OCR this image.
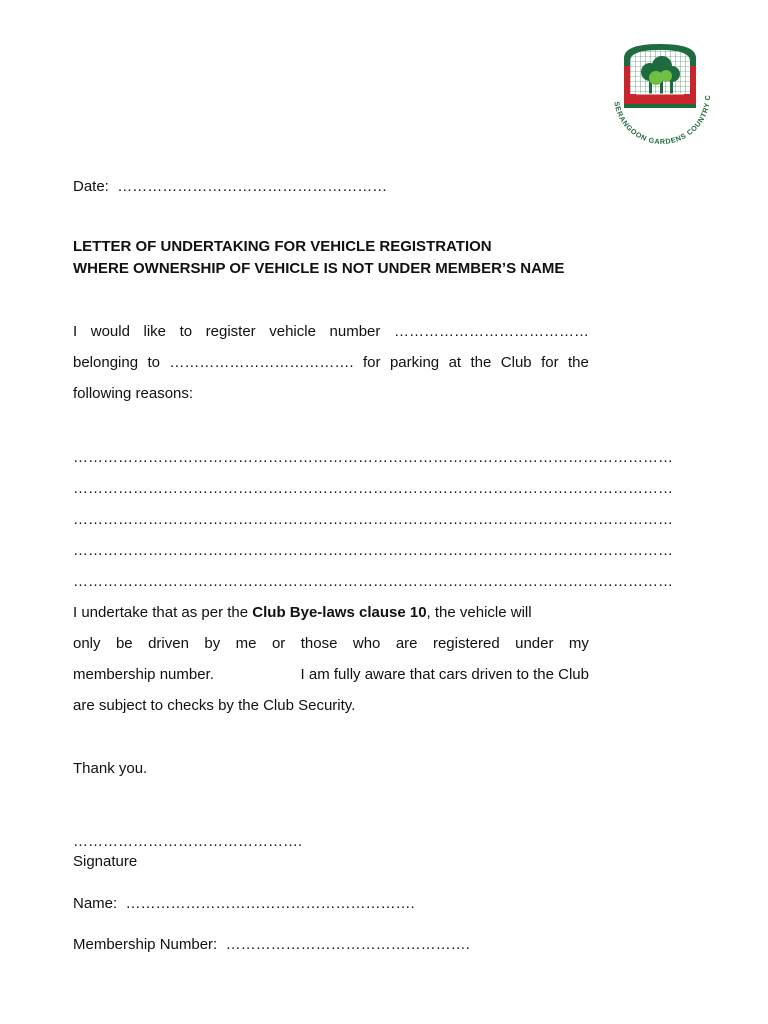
SERANGOON GARDENS COUNTRY C
Date: ………………………………………………
LETTER OF UNDERTAKING FOR VEHICLE REGISTRATION
WHERE OWNERSHIP OF VEHICLE IS NOT UNDER MEMBER’S NAME
I would like to register vehicle number …………………………………
belonging to ………………………………. for parking at the Club for the
following reasons:
…………………………………………………………………………………………………………
…………………………………………………………………………………………………………
…………………………………………………………………………………………………………
…………………………………………………………………………………………………………
…………………………………………………………………………………………………………
I undertake that as per the Club Bye-laws clause 10, the vehicle will
only be driven by me or those who are registered under my
membership number.	I am fully aware that cars driven to the Club
are subject to checks by the Club Security.
Thank you.
……………………………………….
Signature
Name: ………………………………………………….
Membership Number: ………………………………………….
